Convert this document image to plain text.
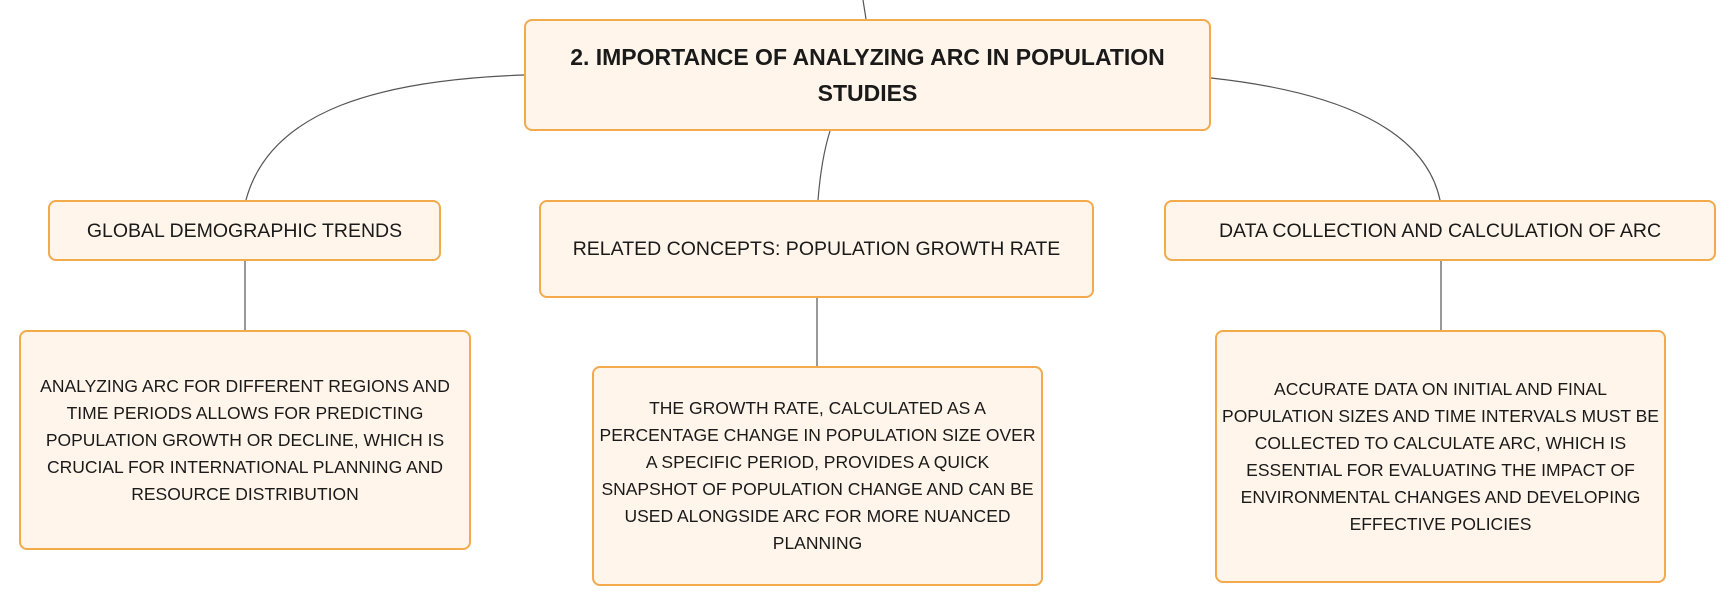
2. IMPORTANCE OF ANALYZING ARC IN POPULATION STUDIES
GLOBAL DEMOGRAPHIC TRENDS
RELATED CONCEPTS: POPULATION GROWTH RATE
DATA COLLECTION AND CALCULATION OF ARC
ANALYZING ARC FOR DIFFERENT REGIONS AND TIME PERIODS ALLOWS FOR PREDICTING POPULATION GROWTH OR DECLINE, WHICH IS CRUCIAL FOR INTERNATIONAL PLANNING AND RESOURCE DISTRIBUTION
THE GROWTH RATE, CALCULATED AS A PERCENTAGE CHANGE IN POPULATION SIZE OVER A SPECIFIC PERIOD, PROVIDES A QUICK SNAPSHOT OF POPULATION CHANGE AND CAN BE USED ALONGSIDE ARC FOR MORE NUANCED PLANNING
ACCURATE DATA ON INITIAL AND FINAL POPULATION SIZES AND TIME INTERVALS MUST BE COLLECTED TO CALCULATE ARC, WHICH IS ESSENTIAL FOR EVALUATING THE IMPACT OF ENVIRONMENTAL CHANGES AND DEVELOPING EFFECTIVE POLICIES
